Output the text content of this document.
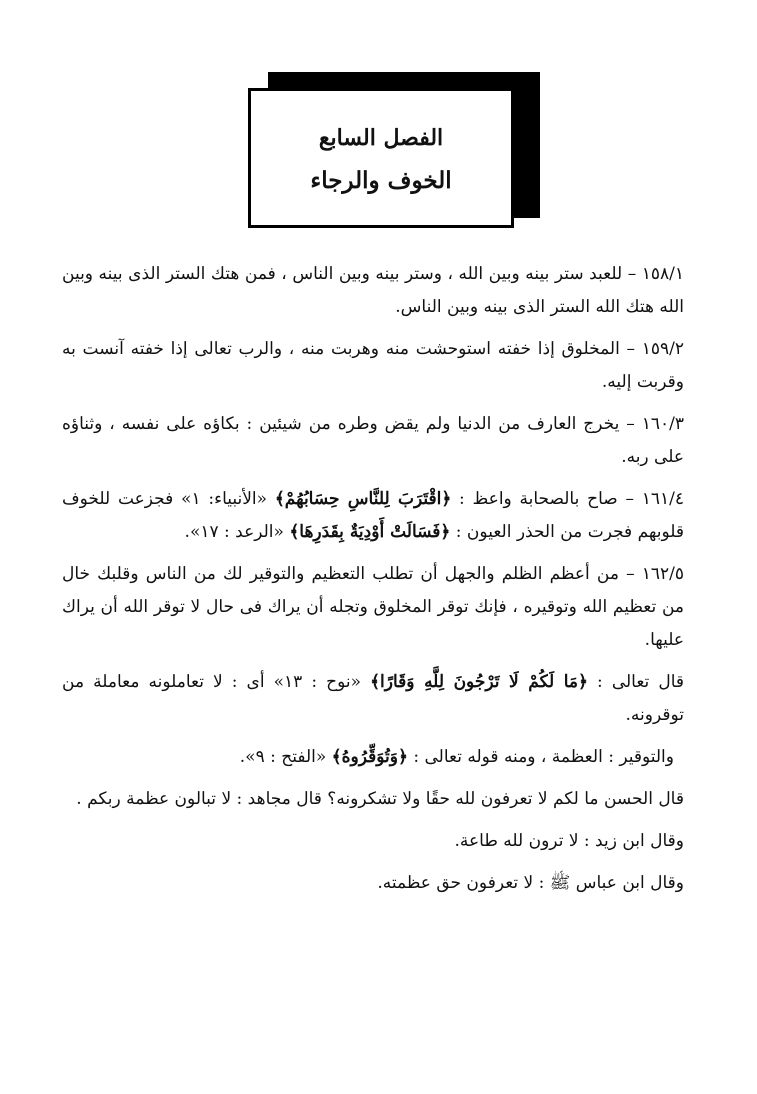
الفصل السابع
الخوف والرجاء

١٥٨/١ – للعبد ستر بينه وبين الله ، وستر بينه وبين الناس ، فمن هتك الستر الذى بينه وبين الله هتك الله الستر الذى بينه وبين الناس.

١٥٩/٢ – المخلوق إذا خفته استوحشت منه وهربت منه ، والرب تعالى إذا خفته آنست به وقربت إليه.

١٦٠/٣ – يخرج العارف من الدنيا ولم يقض وطره من شيئين : بكاؤه على نفسه ، وثناؤه على ربه.

١٦١/٤ – صاح بالصحابة واعظ : ﴿اقْتَرَبَ لِلنَّاسِ حِسَابُهُمْ﴾ «الأنبياء: ١» فجزعت للخوف قلوبهم فجرت من الحذر العيون : ﴿فَسَالَتْ أَوْدِيَةٌ بِقَدَرِهَا﴾ «الرعد : ١٧».

١٦٢/٥ – من أعظم الظلم والجهل أن تطلب التعظيم والتوقير لك من الناس وقلبك خال من تعظيم الله وتوقيره ، فإنك توقر المخلوق وتجله أن يراك فى حال لا توقر الله أن يراك عليها.

قال تعالى : ﴿مَا لَكُمْ لَا تَرْجُونَ لِلَّهِ وَقَارًا﴾ «نوح : ١٣» أى : لا تعاملونه معاملة من توقرونه.

والتوقير : العظمة ، ومنه قوله تعالى : ﴿وَتُوَقِّرُوهُ﴾ «الفتح : ٩».

قال الحسن ما لكم لا تعرفون لله حقًا ولا تشكرونه؟ قال مجاهد : لا تبالون عظمة ربكم .

وقال ابن زيد : لا ترون لله طاعة.

وقال ابن عباس ﷺ : لا تعرفون حق عظمته.
